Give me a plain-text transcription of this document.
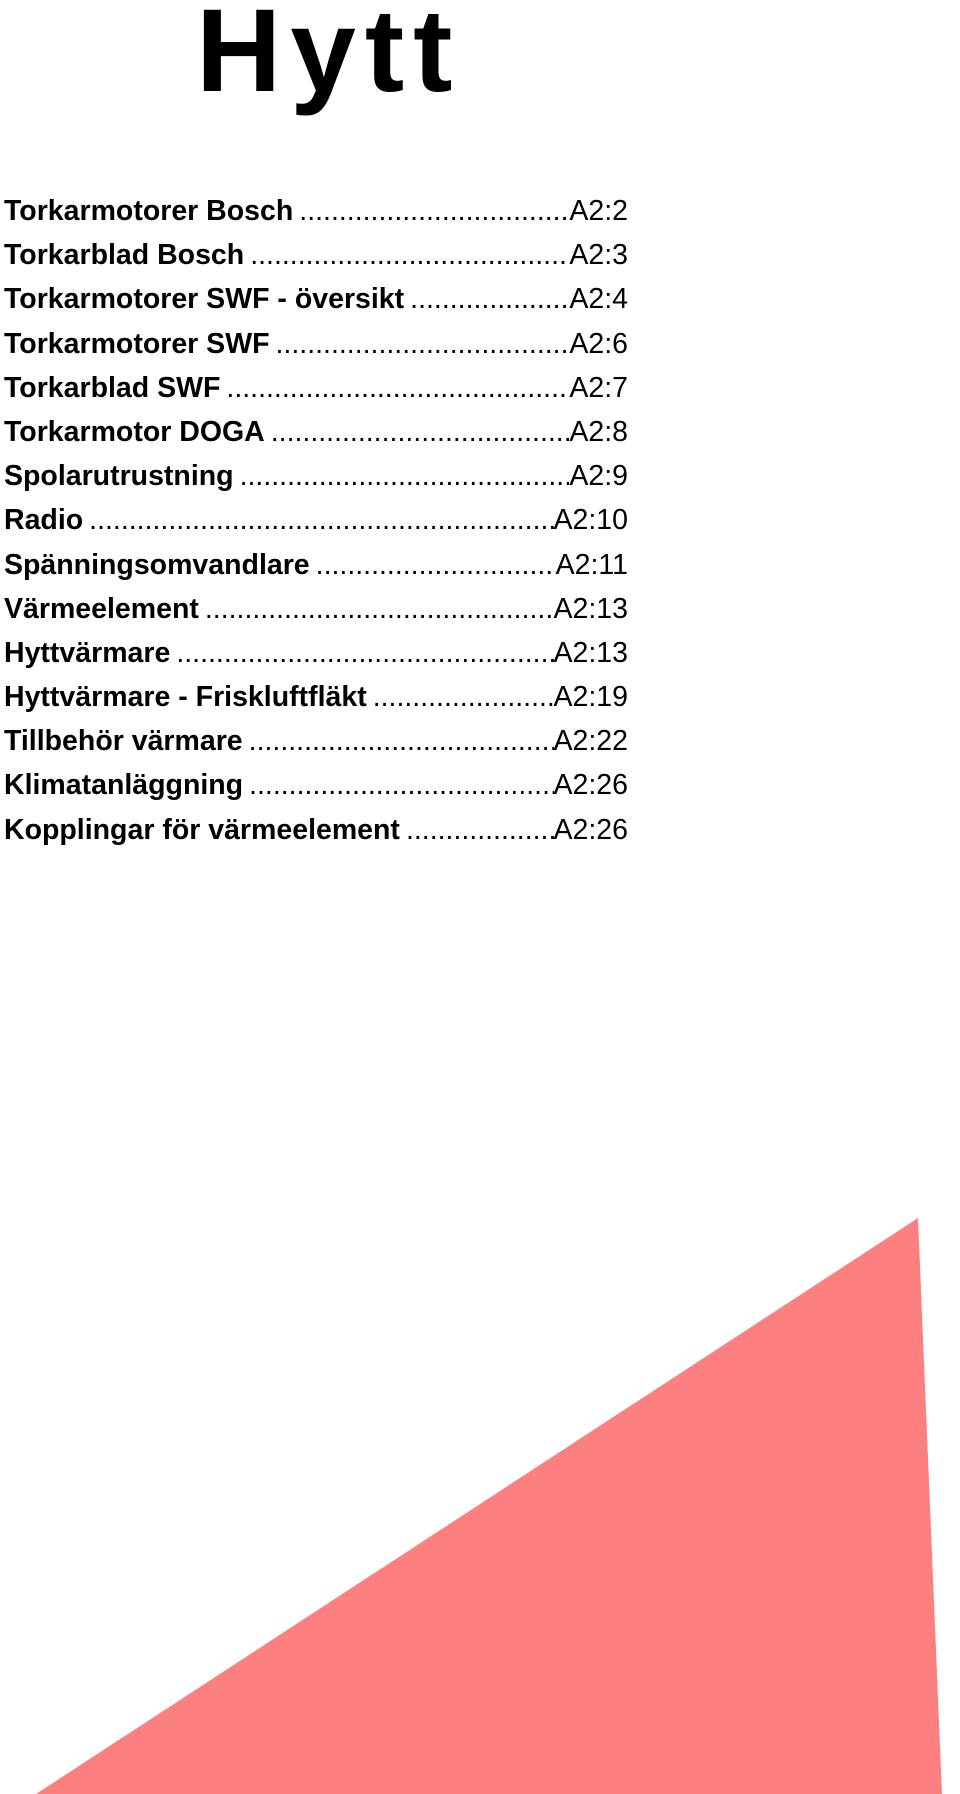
Hytt
Torkarmotorer Bosch .....	A2:2
Torkarblad Bosch .....	A2:3
Torkarmotorer SWF - översikt .....	A2:4
Torkarmotorer SWF .....	A2:6
Torkarblad SWF .....	A2:7
Torkarmotor DOGA .....	A2:8
Spolarutrustning .....	A2:9
Radio .....	A2:10
Spänningsomvandlare .....	A2:11
Värmeelement .....	A2:13
Hyttvärmare .....	A2:13
Hyttvärmare - Friskluftfläkt .....	A2:19
Tillbehör värmare .....	A2:22
Klimatanläggning .....	A2:26
Kopplingar för värmeelement .....	A2:26
